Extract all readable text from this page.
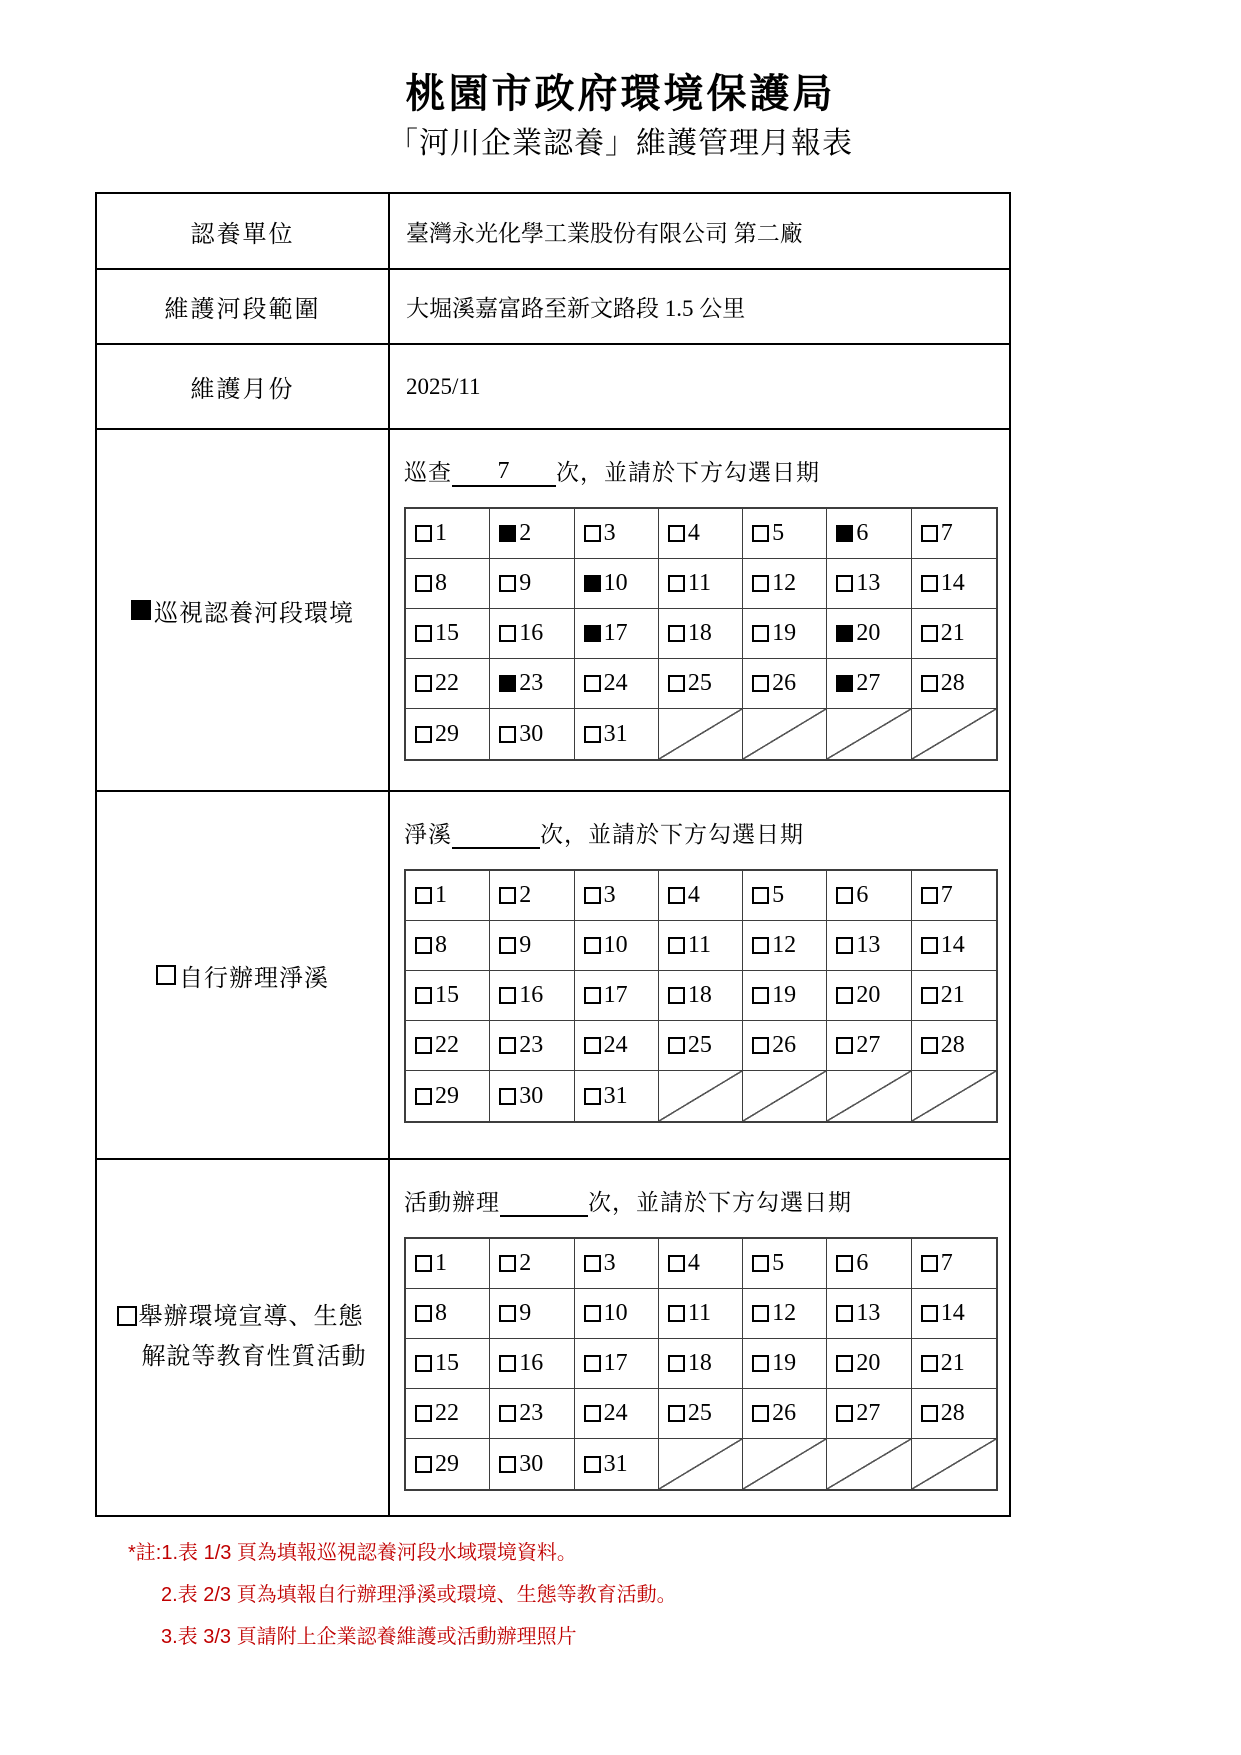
桃園市政府環境保護局
「河川企業認養」維護管理月報表
認養單位	臺灣永光化學工業股份有限公司 第二廠
維護河段範圍	大堀溪嘉富路至新文路段 1.5 公里
維護月份	2025/11
巡視認養河段環境
巡查 7 次，並請於下方勾選日期
1	2	3	4	5	6	7
8	9	10	11	12	13	14
15	16	17	18	19	20	21
22	23	24	25	26	27	28
29	30	31
自行辦理淨溪
淨溪	次，並請於下方勾選日期
1	2	3	4	5	6	7
8	9	10	11	12	13	14
15	16	17	18	19	20	21
22	23	24	25	26	27	28
29	30	31
舉辦環境宣導、生態解說等教育性質活動
活動辦理	次，並請於下方勾選日期
1	2	3	4	5	6	7
8	9	10	11	12	13	14
15	16	17	18	19	20	21
22	23	24	25	26	27	28
29	30	31
*註:1.表 1/3 頁為填報巡視認養河段水域環境資料。
2.表 2/3 頁為填報自行辦理淨溪或環境、生態等教育活動。
3.表 3/3 頁請附上企業認養維護或活動辦理照片
